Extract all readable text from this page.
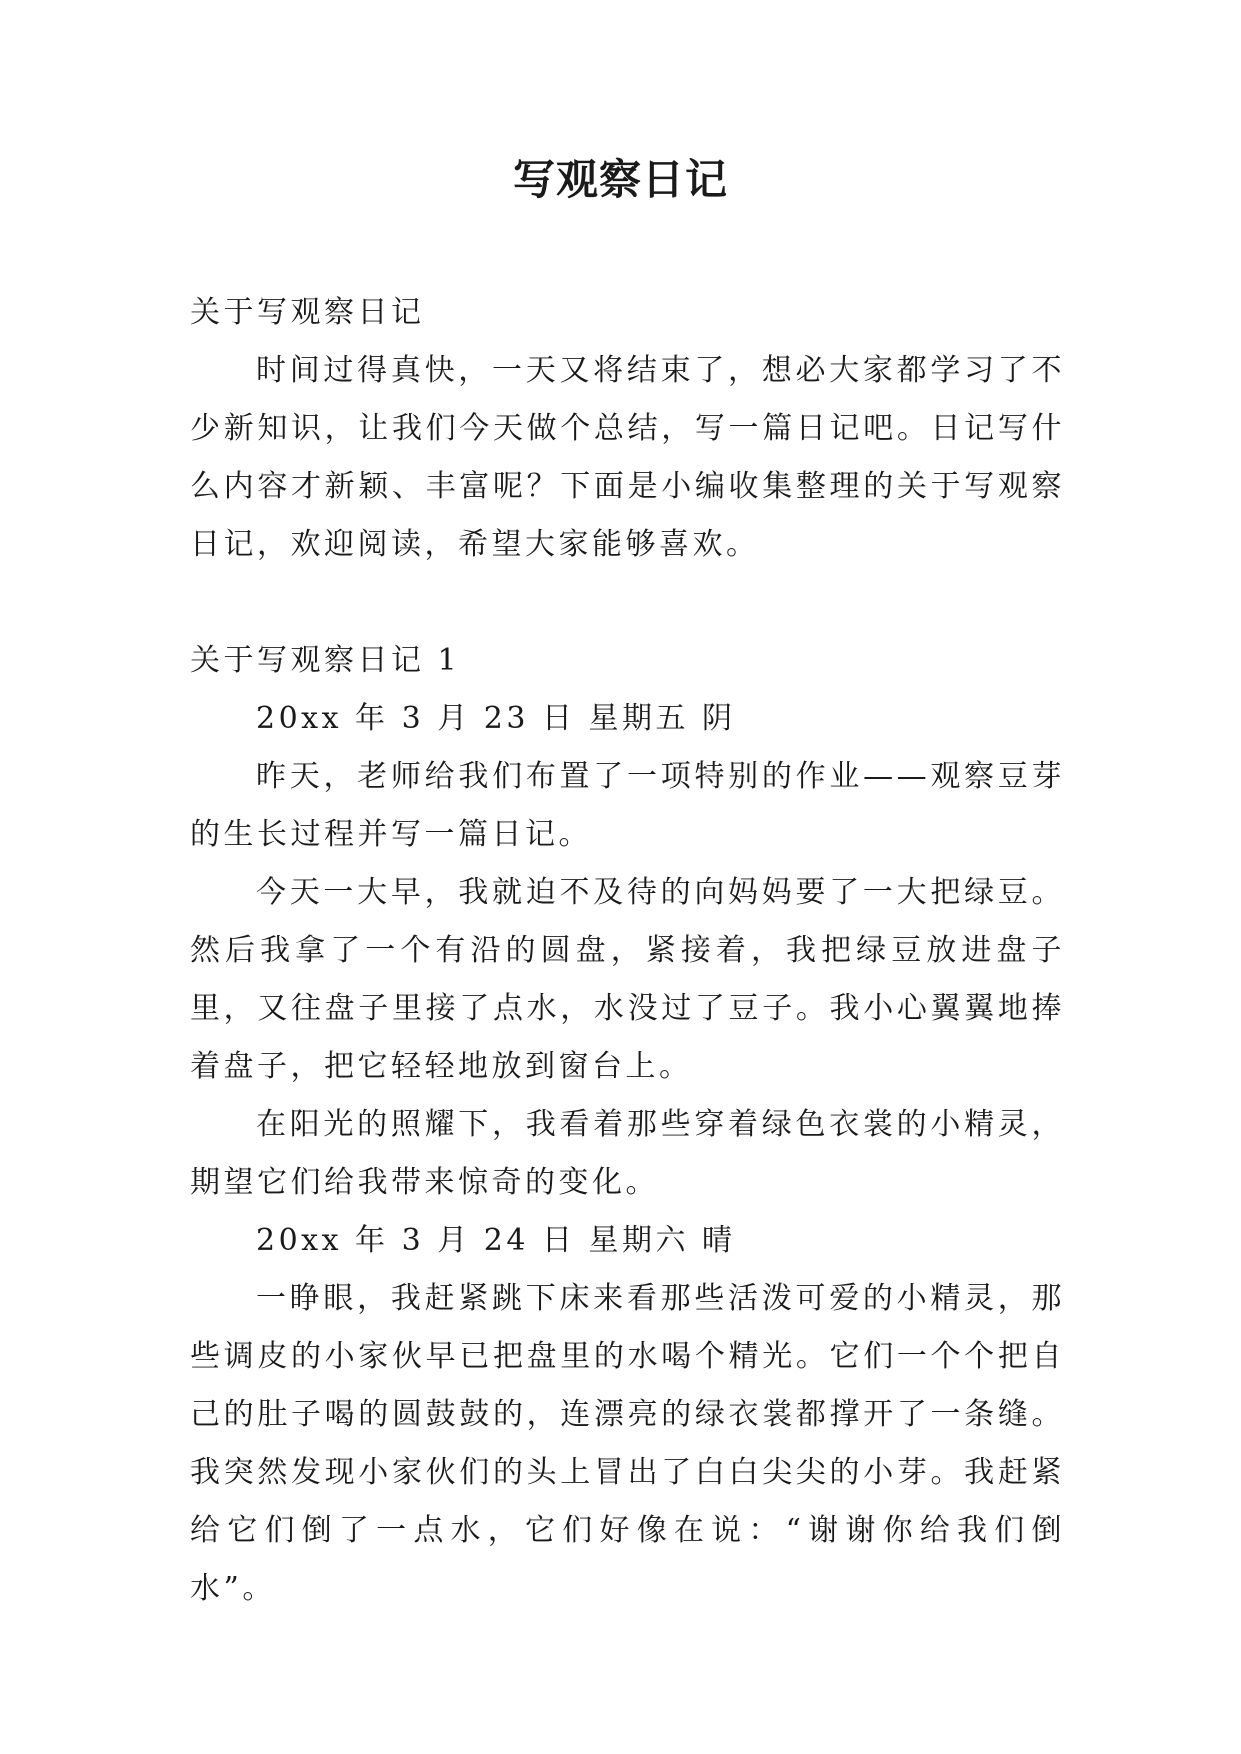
写观察日记

关于写观察日记

时间过得真快，一天又将结束了，想必大家都学习了不少新知识，让我们今天做个总结，写一篇日记吧。日记写什么内容才新颖、丰富呢？下面是小编收集整理的关于写观察日记，欢迎阅读，希望大家能够喜欢。

关于写观察日记 1

20xx 年 3 月 23 日 星期五 阴

昨天，老师给我们布置了一项特别的作业——观察豆芽的生长过程并写一篇日记。

今天一大早，我就迫不及待的向妈妈要了一大把绿豆。然后我拿了一个有沿的圆盘，紧接着，我把绿豆放进盘子里，又往盘子里接了点水，水没过了豆子。我小心翼翼地捧着盘子，把它轻轻地放到窗台上。

在阳光的照耀下，我看着那些穿着绿色衣裳的小精灵，期望它们给我带来惊奇的变化。

20xx 年 3 月 24 日 星期六 晴

一睁眼，我赶紧跳下床来看那些活泼可爱的小精灵，那些调皮的小家伙早已把盘里的水喝个精光。它们一个个把自己的肚子喝的圆鼓鼓的，连漂亮的绿衣裳都撑开了一条缝。我突然发现小家伙们的头上冒出了白白尖尖的小芽。我赶紧给它们倒了一点水，它们好像在说：“谢谢你给我们倒水”。
